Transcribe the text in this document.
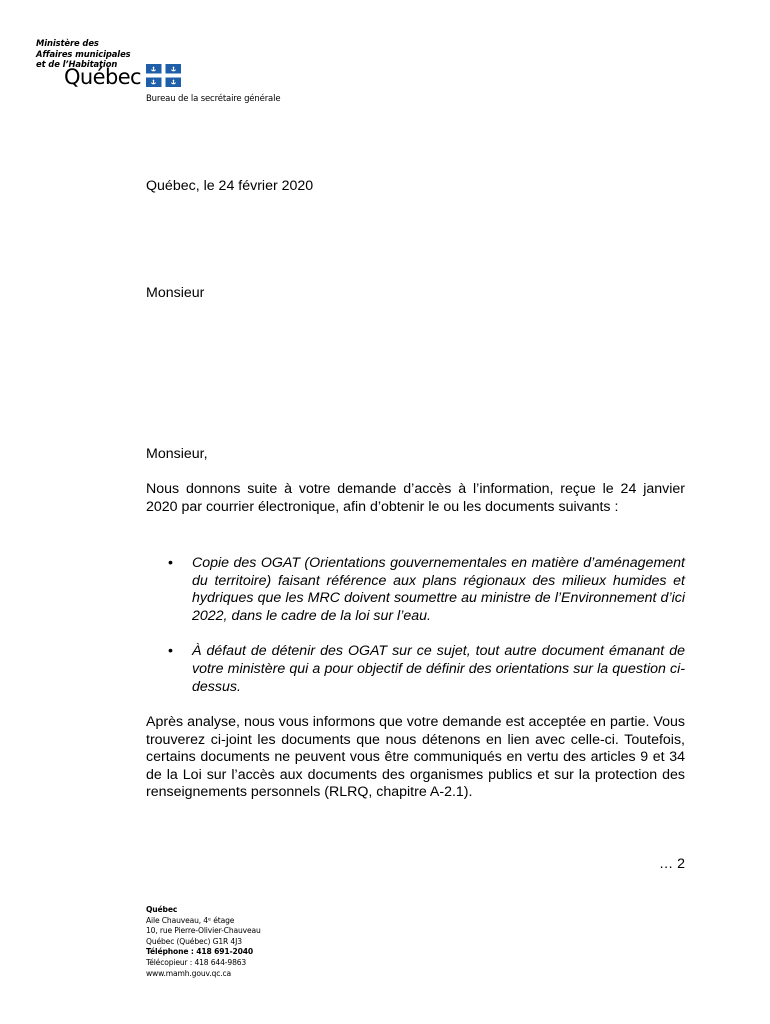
Ministère des
Affaires municipales
et de l’Habitation
Québec
Bureau de la secrétaire générale
Québec, le 24 février 2020
Monsieur
Monsieur,
Nous donnons suite à votre demande d’accès à l’information, reçue le 24 janvier 2020 par courrier électronique, afin d’obtenir le ou les documents suivants :
• Copie des OGAT (Orientations gouvernementales en matière d’aménagement du territoire) faisant référence aux plans régionaux des milieux humides et hydriques que les MRC doivent soumettre au ministre de l’Environnement d’ici 2022, dans le cadre de la loi sur l’eau.
• À défaut de détenir des OGAT sur ce sujet, tout autre document émanant de votre ministère qui a pour objectif de définir des orientations sur la question ci-dessus.
Après analyse, nous vous informons que votre demande est acceptée en partie. Vous trouverez ci-joint les documents que nous détenons en lien avec celle-ci. Toutefois, certains documents ne peuvent vous être communiqués en vertu des articles 9 et 34 de la Loi sur l’accès aux documents des organismes publics et sur la protection des renseignements personnels (RLRQ, chapitre A-2.1).
… 2
Québec
Aile Chauveau, 4ᵉ étage
10, rue Pierre-Olivier-Chauveau
Québec (Québec) G1R 4J3
Téléphone : 418 691-2040
Télécopieur : 418 644-9863
www.mamh.gouv.qc.ca
